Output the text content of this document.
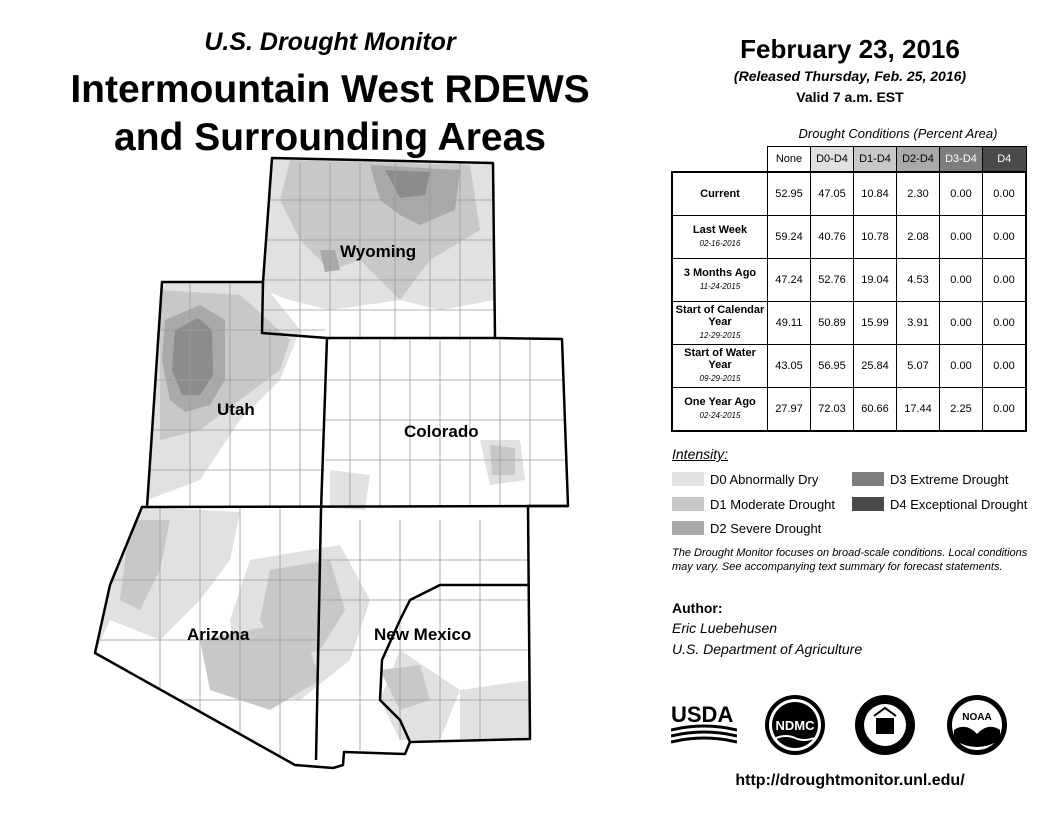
U.S. Drought Monitor
Intermountain West RDEWS
and Surrounding Areas
Wyoming
Utah
Colorado
Arizona	New Mexico
February 23, 2016
(Released Thursday, Feb. 25, 2016)
Valid 7 a.m. EST
Drought Conditions (Percent Area)
	None	D0-D4	D1-D4	D2-D4	D3-D4	D4
Current	52.95	47.05	10.84	2.30	0.00	0.00
Last Week
02-16-2016	59.24	40.76	10.78	2.08	0.00	0.00
3 Months Ago
11-24-2015	47.24	52.76	19.04	4.53	0.00	0.00
Start of Calendar Year
12-29-2015	49.11	50.89	15.99	3.91	0.00	0.00
Start of Water Year
09-29-2015	43.05	56.95	25.84	5.07	0.00	0.00
One Year Ago
02-24-2015	27.97	72.03	60.66	17.44	2.25	0.00
Intensity:
D0 Abnormally Dry
D1 Moderate Drought
D2 Severe Drought
D3 Extreme Drought
D4 Exceptional Drought
The Drought Monitor focuses on broad-scale conditions. Local conditions may vary. See accompanying text summary for forecast statements.
Author:
Eric Luebehusen
U.S. Department of Agriculture
USDA	NDMC
NOAA
http://droughtmonitor.unl.edu/
